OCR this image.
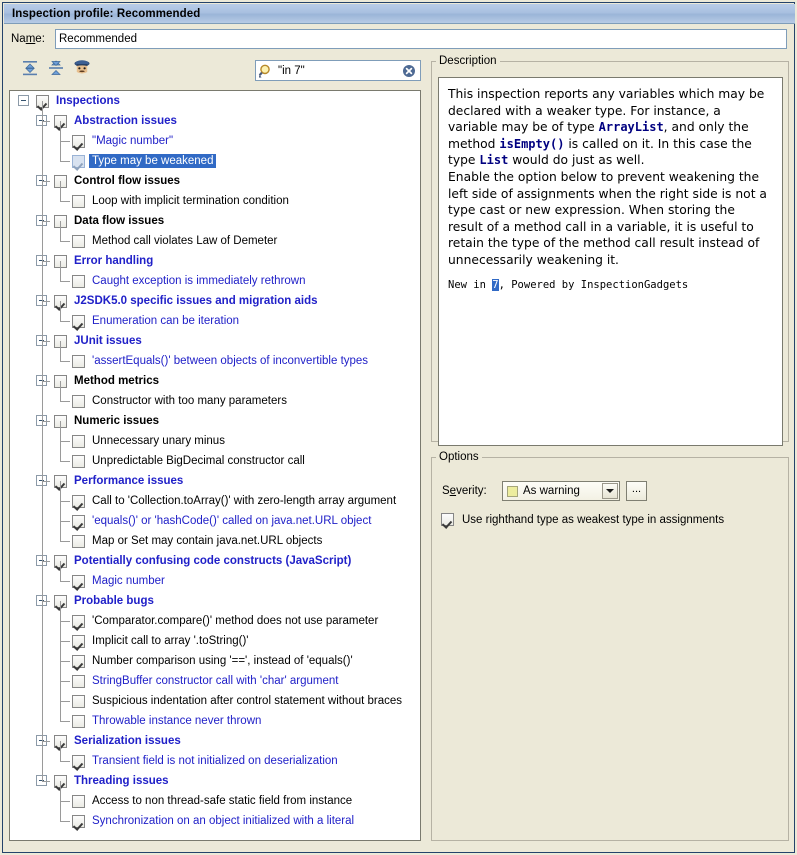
Inspection profile: Recommended
Name:
Recommended
"in 7"
Inspections
Abstraction issues
"Magic number"
Type may be weakened
Control flow issues
Loop with implicit termination condition
Data flow issues
Method call violates Law of Demeter
Error handling
Caught exception is immediately rethrown
J2SDK5.0 specific issues and migration aids
Enumeration can be iteration
JUnit issues
'assertEquals()' between objects of inconvertible types
Method metrics
Constructor with too many parameters
Numeric issues
Unnecessary unary minus
Unpredictable BigDecimal constructor call
Performance issues
Call to 'Collection.toArray()' with zero-length array argument
'equals()' or 'hashCode()' called on java.net.URL object
Map or Set may contain java.net.URL objects
Potentially confusing code constructs (JavaScript)
Magic number
Probable bugs
'Comparator.compare()' method does not use parameter
Implicit call to array '.toString()'
Number comparison using '==', instead of 'equals()'
StringBuffer constructor call with 'char' argument
Suspicious indentation after control statement without braces
Throwable instance never thrown
Serialization issues
Transient field is not initialized on deserialization
Threading issues
Access to non thread-safe static field from instance
Synchronization on an object initialized with a literal
Description
This inspection reports any variables which may be declared with a weaker type. For instance, a variable may be of type ArrayList, and only the method isEmpty() is called on it. In this case the type List would do just as well.
Enable the option below to prevent weakening the left side of assignments when the right side is not a type cast or new expression. When storing the result of a method call in a variable, it is useful to retain the type of the method call result instead of unnecessarily weakening it.
New in 7, Powered by InspectionGadgets
Options
Severity:	As warning	...
Use righthand type as weakest type in assignments
